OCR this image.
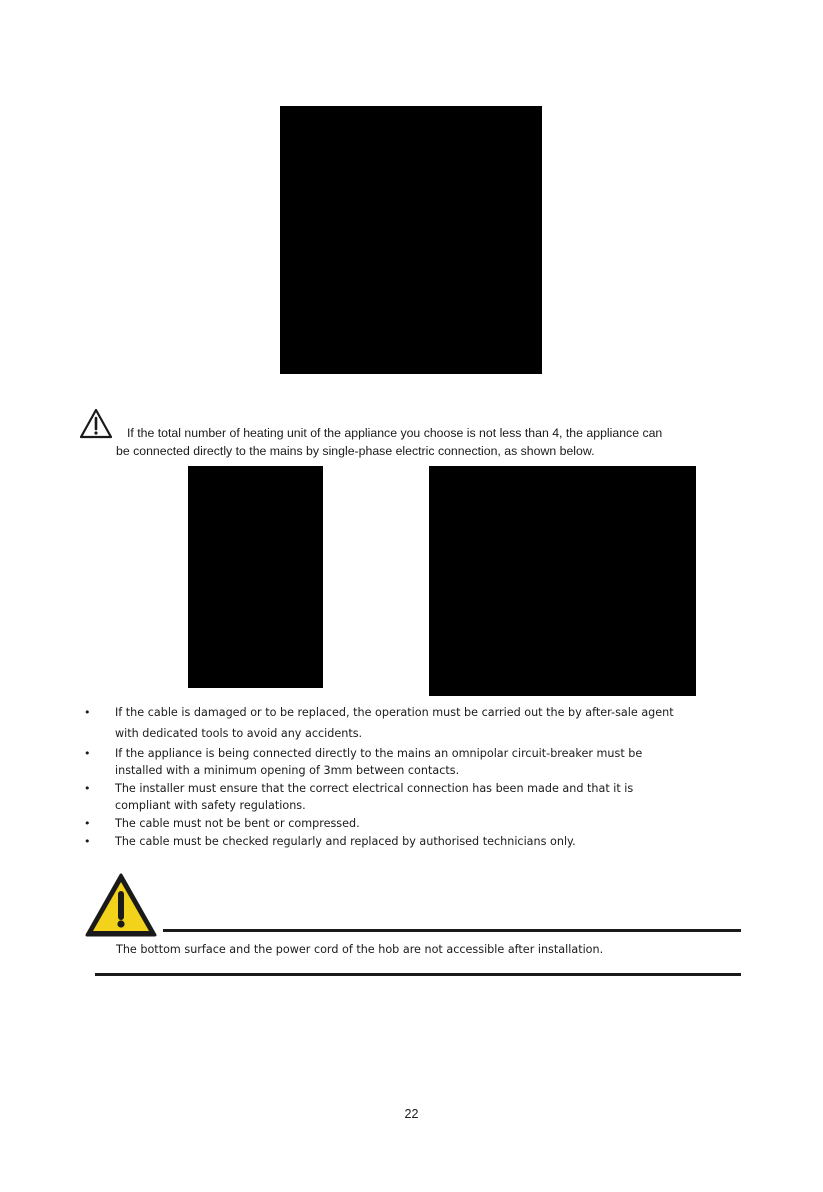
If the total number of heating unit of the appliance you choose is not less than 4, the appliance can
be connected directly to the mains by single-phase electric connection, as shown below.
• If the cable is damaged or to be replaced, the operation must be carried out the by after-sale agent
with dedicated tools to avoid any accidents.
• If the appliance is being connected directly to the mains an omnipolar circuit-breaker must be
installed with a minimum opening of 3mm between contacts.
• The installer must ensure that the correct electrical connection has been made and that it is
compliant with safety regulations.
• The cable must not be bent or compressed.
• The cable must be checked regularly and replaced by authorised technicians only.
The bottom surface and the power cord of the hob are not accessible after installation.
22
